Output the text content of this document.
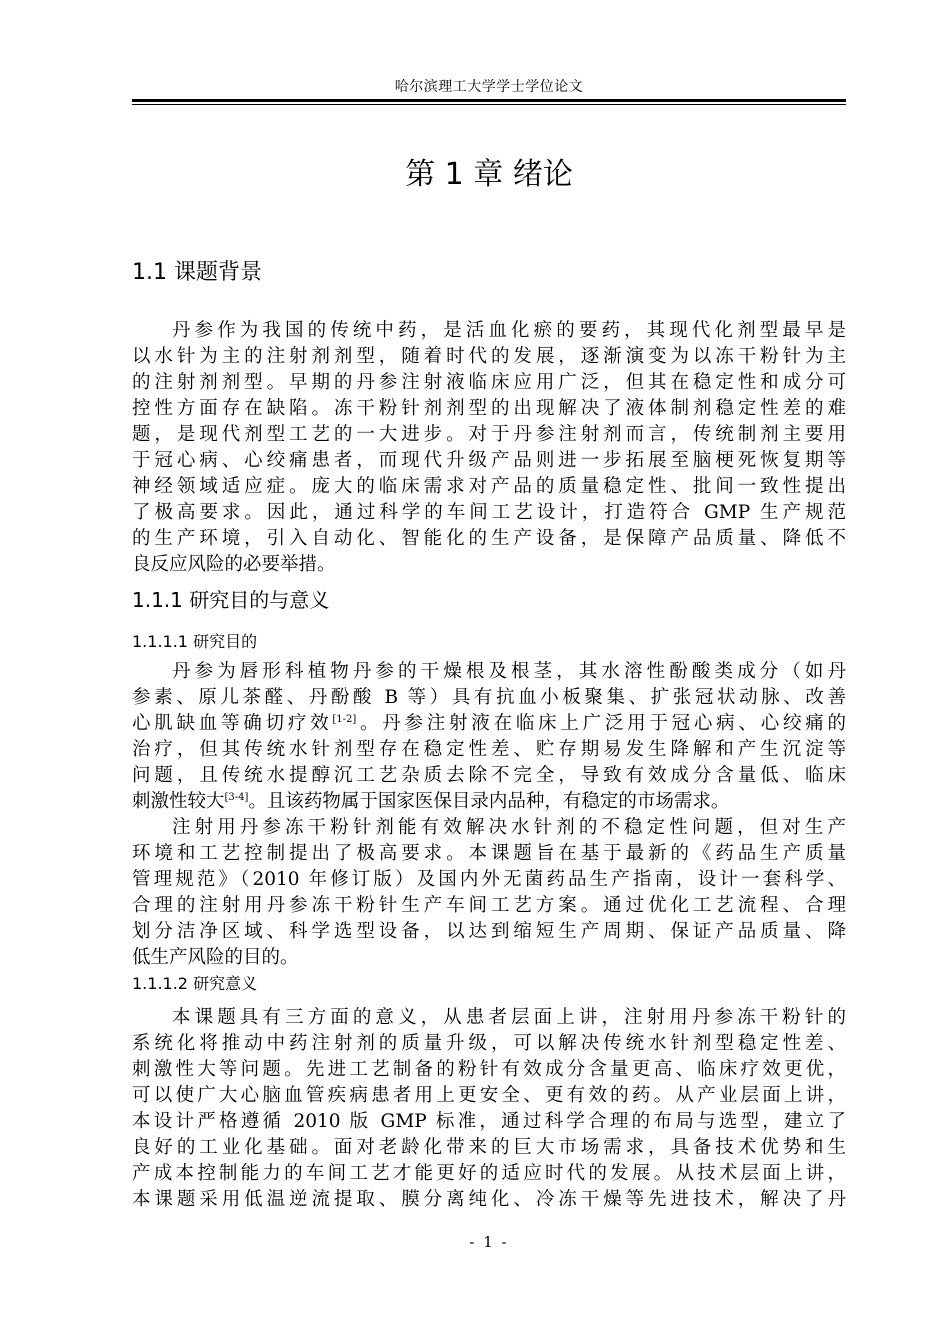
哈尔滨理工大学学士学位论文
第 1 章 绪论
1.1 课题背景
丹参作为我国的传统中药，是活血化瘀的要药，其现代化剂型最早是
以水针为主的注射剂剂型，随着时代的发展，逐渐演变为以冻干粉针为主
的注射剂剂型。早期的丹参注射液临床应用广泛，但其在稳定性和成分可
控性方面存在缺陷。冻干粉针剂剂型的出现解决了液体制剂稳定性差的难
题，是现代剂型工艺的一大进步。对于丹参注射剂而言，传统制剂主要用
于冠心病、心绞痛患者，而现代升级产品则进一步拓展至脑梗死恢复期等
神经领域适应症。庞大的临床需求对产品的质量稳定性、批间一致性提出
了极高要求。因此，通过科学的车间工艺设计，打造符合 GMP 生产规范
的生产环境，引入自动化、智能化的生产设备，是保障产品质量、降低不
良反应风险的必要举措。
1.1.1 研究目的与意义
1.1.1.1 研究目的
丹参为唇形科植物丹参的干燥根及根茎，其水溶性酚酸类成分（如丹
参素、原儿茶醛、丹酚酸 B 等）具有抗血小板聚集、扩张冠状动脉、改善
心肌缺血等确切疗效[1-2]。丹参注射液在临床上广泛用于冠心病、心绞痛的
治疗，但其传统水针剂型存在稳定性差、贮存期易发生降解和产生沉淀等
问题，且传统水提醇沉工艺杂质去除不完全，导致有效成分含量低、临床
刺激性较大[3-4]。且该药物属于国家医保目录内品种，有稳定的市场需求。
注射用丹参冻干粉针剂能有效解决水针剂的不稳定性问题，但对生产
环境和工艺控制提出了极高要求。本课题旨在基于最新的《药品生产质量
管理规范》（2010 年修订版）及国内外无菌药品生产指南，设计一套科学、
合理的注射用丹参冻干粉针生产车间工艺方案。通过优化工艺流程、合理
划分洁净区域、科学选型设备，以达到缩短生产周期、保证产品质量、降
低生产风险的目的。
1.1.1.2 研究意义
本课题具有三方面的意义，从患者层面上讲，注射用丹参冻干粉针的
系统化将推动中药注射剂的质量升级，可以解决传统水针剂型稳定性差、
刺激性大等问题。先进工艺制备的粉针有效成分含量更高、临床疗效更优，
可以使广大心脑血管疾病患者用上更安全、更有效的药。从产业层面上讲，
本设计严格遵循 2010 版 GMP 标准，通过科学合理的布局与选型，建立了
良好的工业化基础。面对老龄化带来的巨大市场需求，具备技术优势和生
产成本控制能力的车间工艺才能更好的适应时代的发展。从技术层面上讲，
本课题采用低温逆流提取、膜分离纯化、冷冻干燥等先进技术，解决了丹
- 1 -
